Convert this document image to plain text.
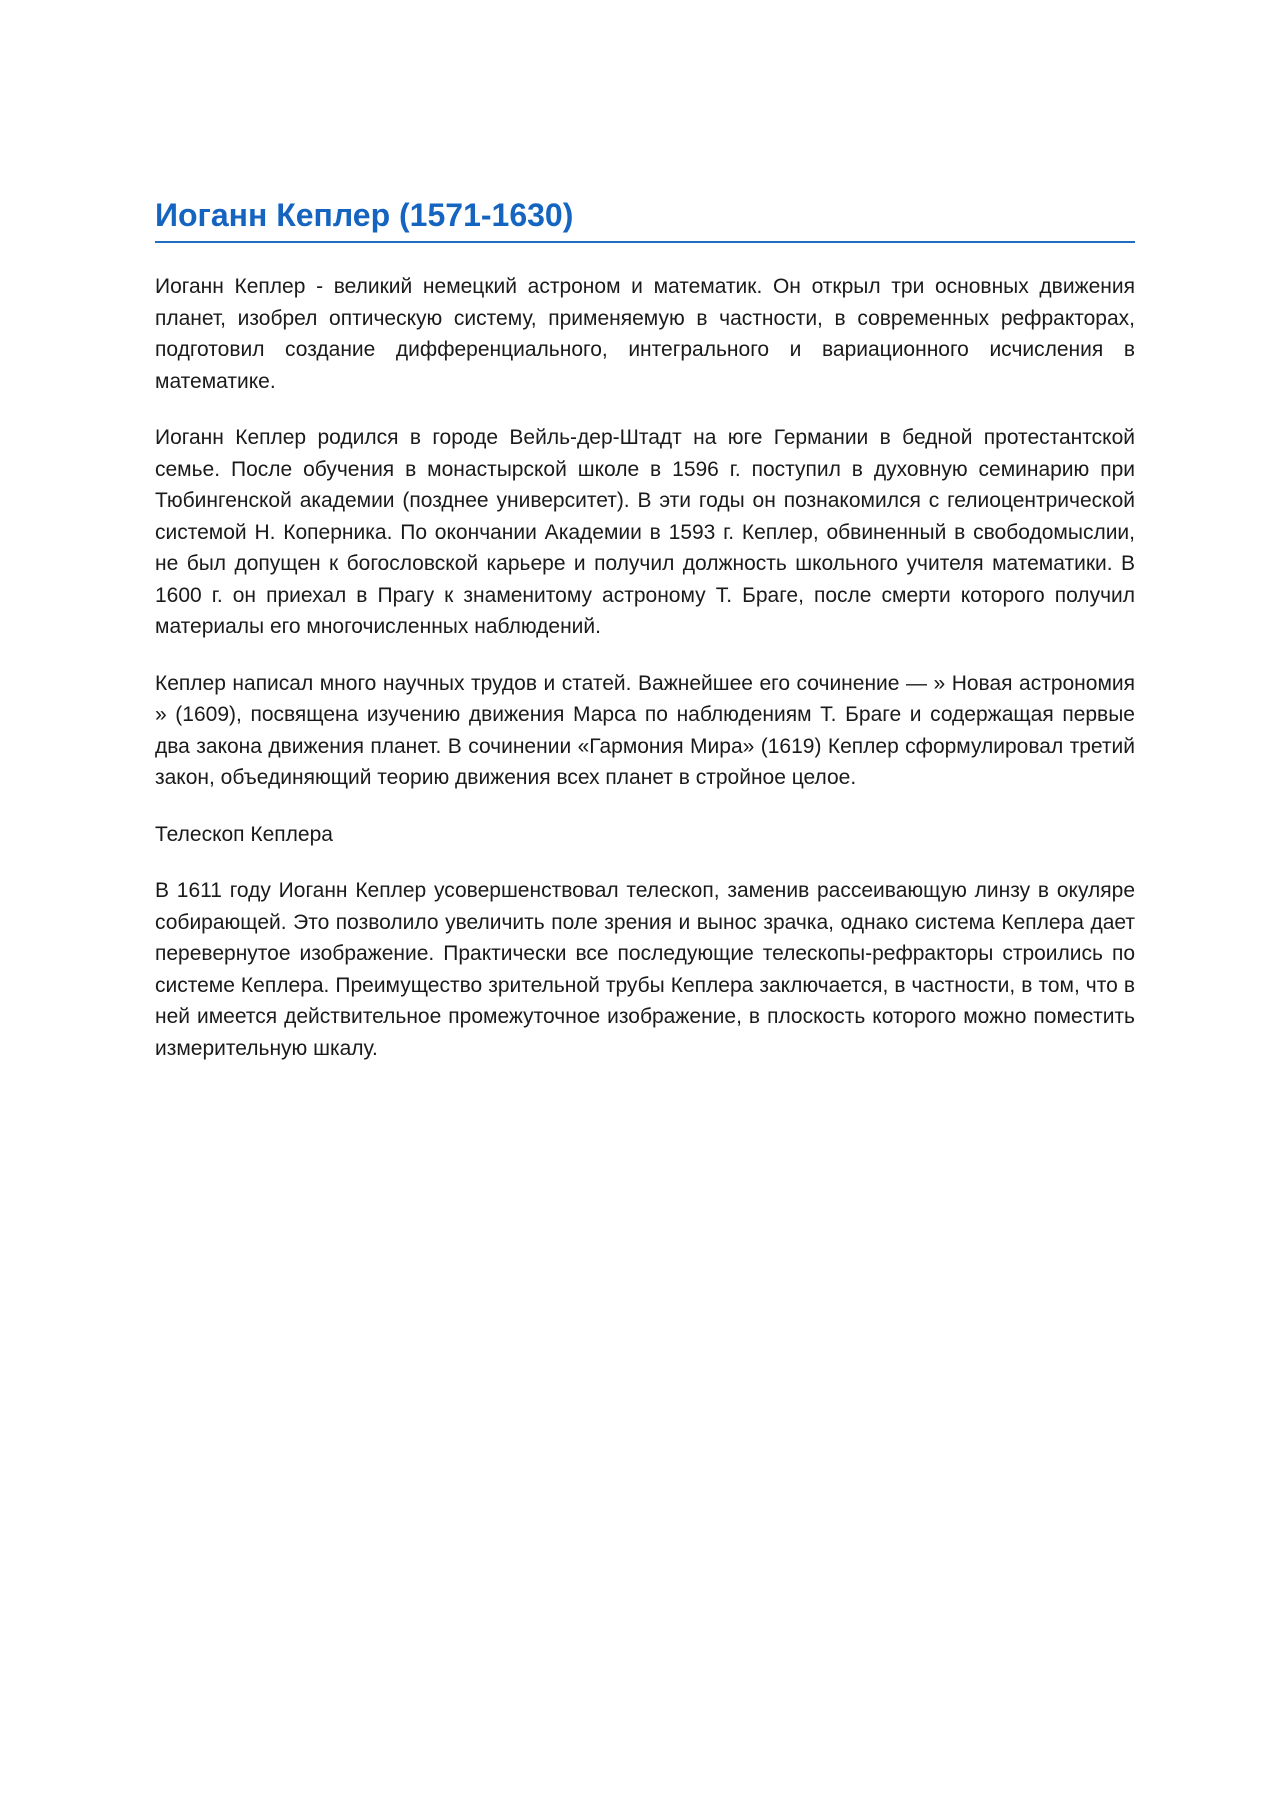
Иоганн Кеплер (1571-1630)

Иоганн Кеплер - великий немецкий астроном и математик. Он открыл три основных движения планет, изобрел оптическую систему, применяемую в частности, в современных рефракторах, подготовил создание дифференциального, интегрального и вариационного исчисления в математике.

Иоганн Кеплер родился в городе Вейль-дер-Штадт на юге Германии в бедной протестантской семье. После обучения в монастырской школе в 1596 г. поступил в духовную семинарию при Тюбингенской академии (позднее университет). В эти годы он познакомился с гелиоцентрической системой Н. Коперника. По окончании Академии в 1593 г. Кеплер, обвиненный в свободомыслии, не был допущен к богословской карьере и получил должность школьного учителя математики. В 1600 г. он приехал в Прагу к знаменитому астроному Т. Браге, после смерти которого получил материалы его многочисленных наблюдений.

Кеплер написал много научных трудов и статей. Важнейшее его сочинение — » Новая астрономия » (1609), посвящена изучению движения Марса по наблюдениям Т. Браге и содержащая первые два закона движения планет. В сочинении «Гармония Мира» (1619) Кеплер сформулировал третий закон, объединяющий теорию движения всех планет в стройное целое.

Телескоп Кеплера

В 1611 году Иоганн Кеплер усовершенствовал телескоп, заменив рассеивающую линзу в окуляре собирающей. Это позволило увеличить поле зрения и вынос зрачка, однако система Кеплера дает перевернутое изображение. Практически все последующие телескопы-рефракторы строились по системе Кеплера. Преимущество зрительной трубы Кеплера заключается, в частности, в том, что в ней имеется действительное промежуточное изображение, в плоскость которого можно поместить измерительную шкалу.
